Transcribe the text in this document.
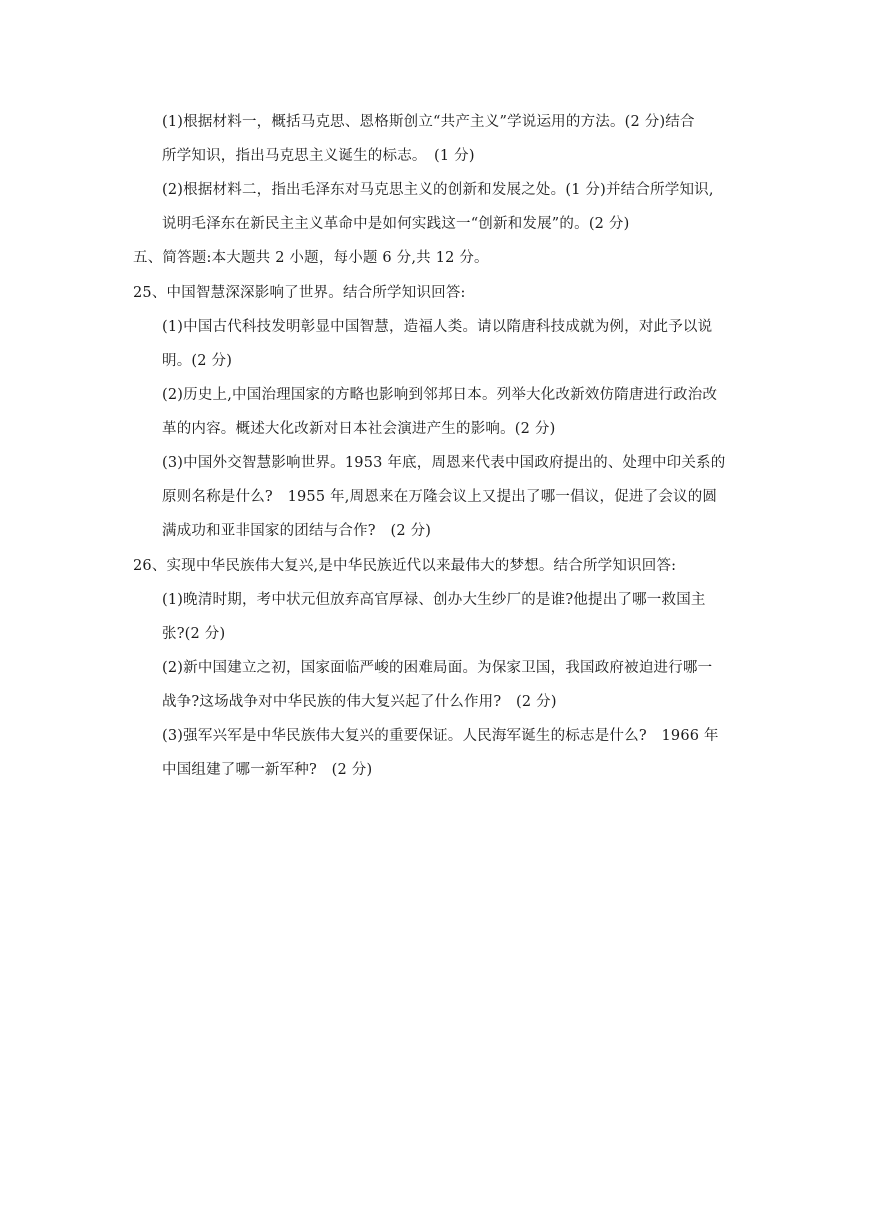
(1)根据材料一，概括马克思、恩格斯创立“共产主义”学说运用的方法。(2 分)结合
所学知识，指出马克思主义诞生的标志。　(1 分)
(2)根据材料二，指出毛泽东对马克思主义的创新和发展之处。(1 分)并结合所学知识,
说明毛泽东在新民主主义革命中是如何实践这一“创新和发展”的。(2 分)
五、简答题:本大题共 2 小题，每小题 6 分,共 12 分。
25、中国智慧深深影响了世界。结合所学知识回答:
(1)中国古代科技发明彰显中国智慧，造福人类。请以隋唐科技成就为例，对此予以说
明。(2 分)
(2)历史上,中国治理国家的方略也影响到邻邦日本。列举大化改新效仿隋唐进行政治改
革的内容。概述大化改新对日本社会演进产生的影响。(2 分)
(3)中国外交智慧影响世界。1953 年底，周恩来代表中国政府提出的、处理中印关系的
原则名称是什么?　1955 年,周恩来在万隆会议上又提出了哪一倡议，促进了会议的圆
满成功和亚非国家的团结与合作?　(2 分)
26、实现中华民族伟大复兴,是中华民族近代以来最伟大的梦想。结合所学知识回答:
(1)晚清时期，考中状元但放弃高官厚禄、创办大生纱厂的是谁?他提出了哪一救国主
张?(2 分)
(2)新中国建立之初，国家面临严峻的困难局面。为保家卫国，我国政府被迫进行哪一
战争?这场战争对中华民族的伟大复兴起了什么作用?　(2 分)
(3)强军兴军是中华民族伟大复兴的重要保证。人民海军诞生的标志是什么?　1966 年
中国组建了哪一新军种?　(2 分)
